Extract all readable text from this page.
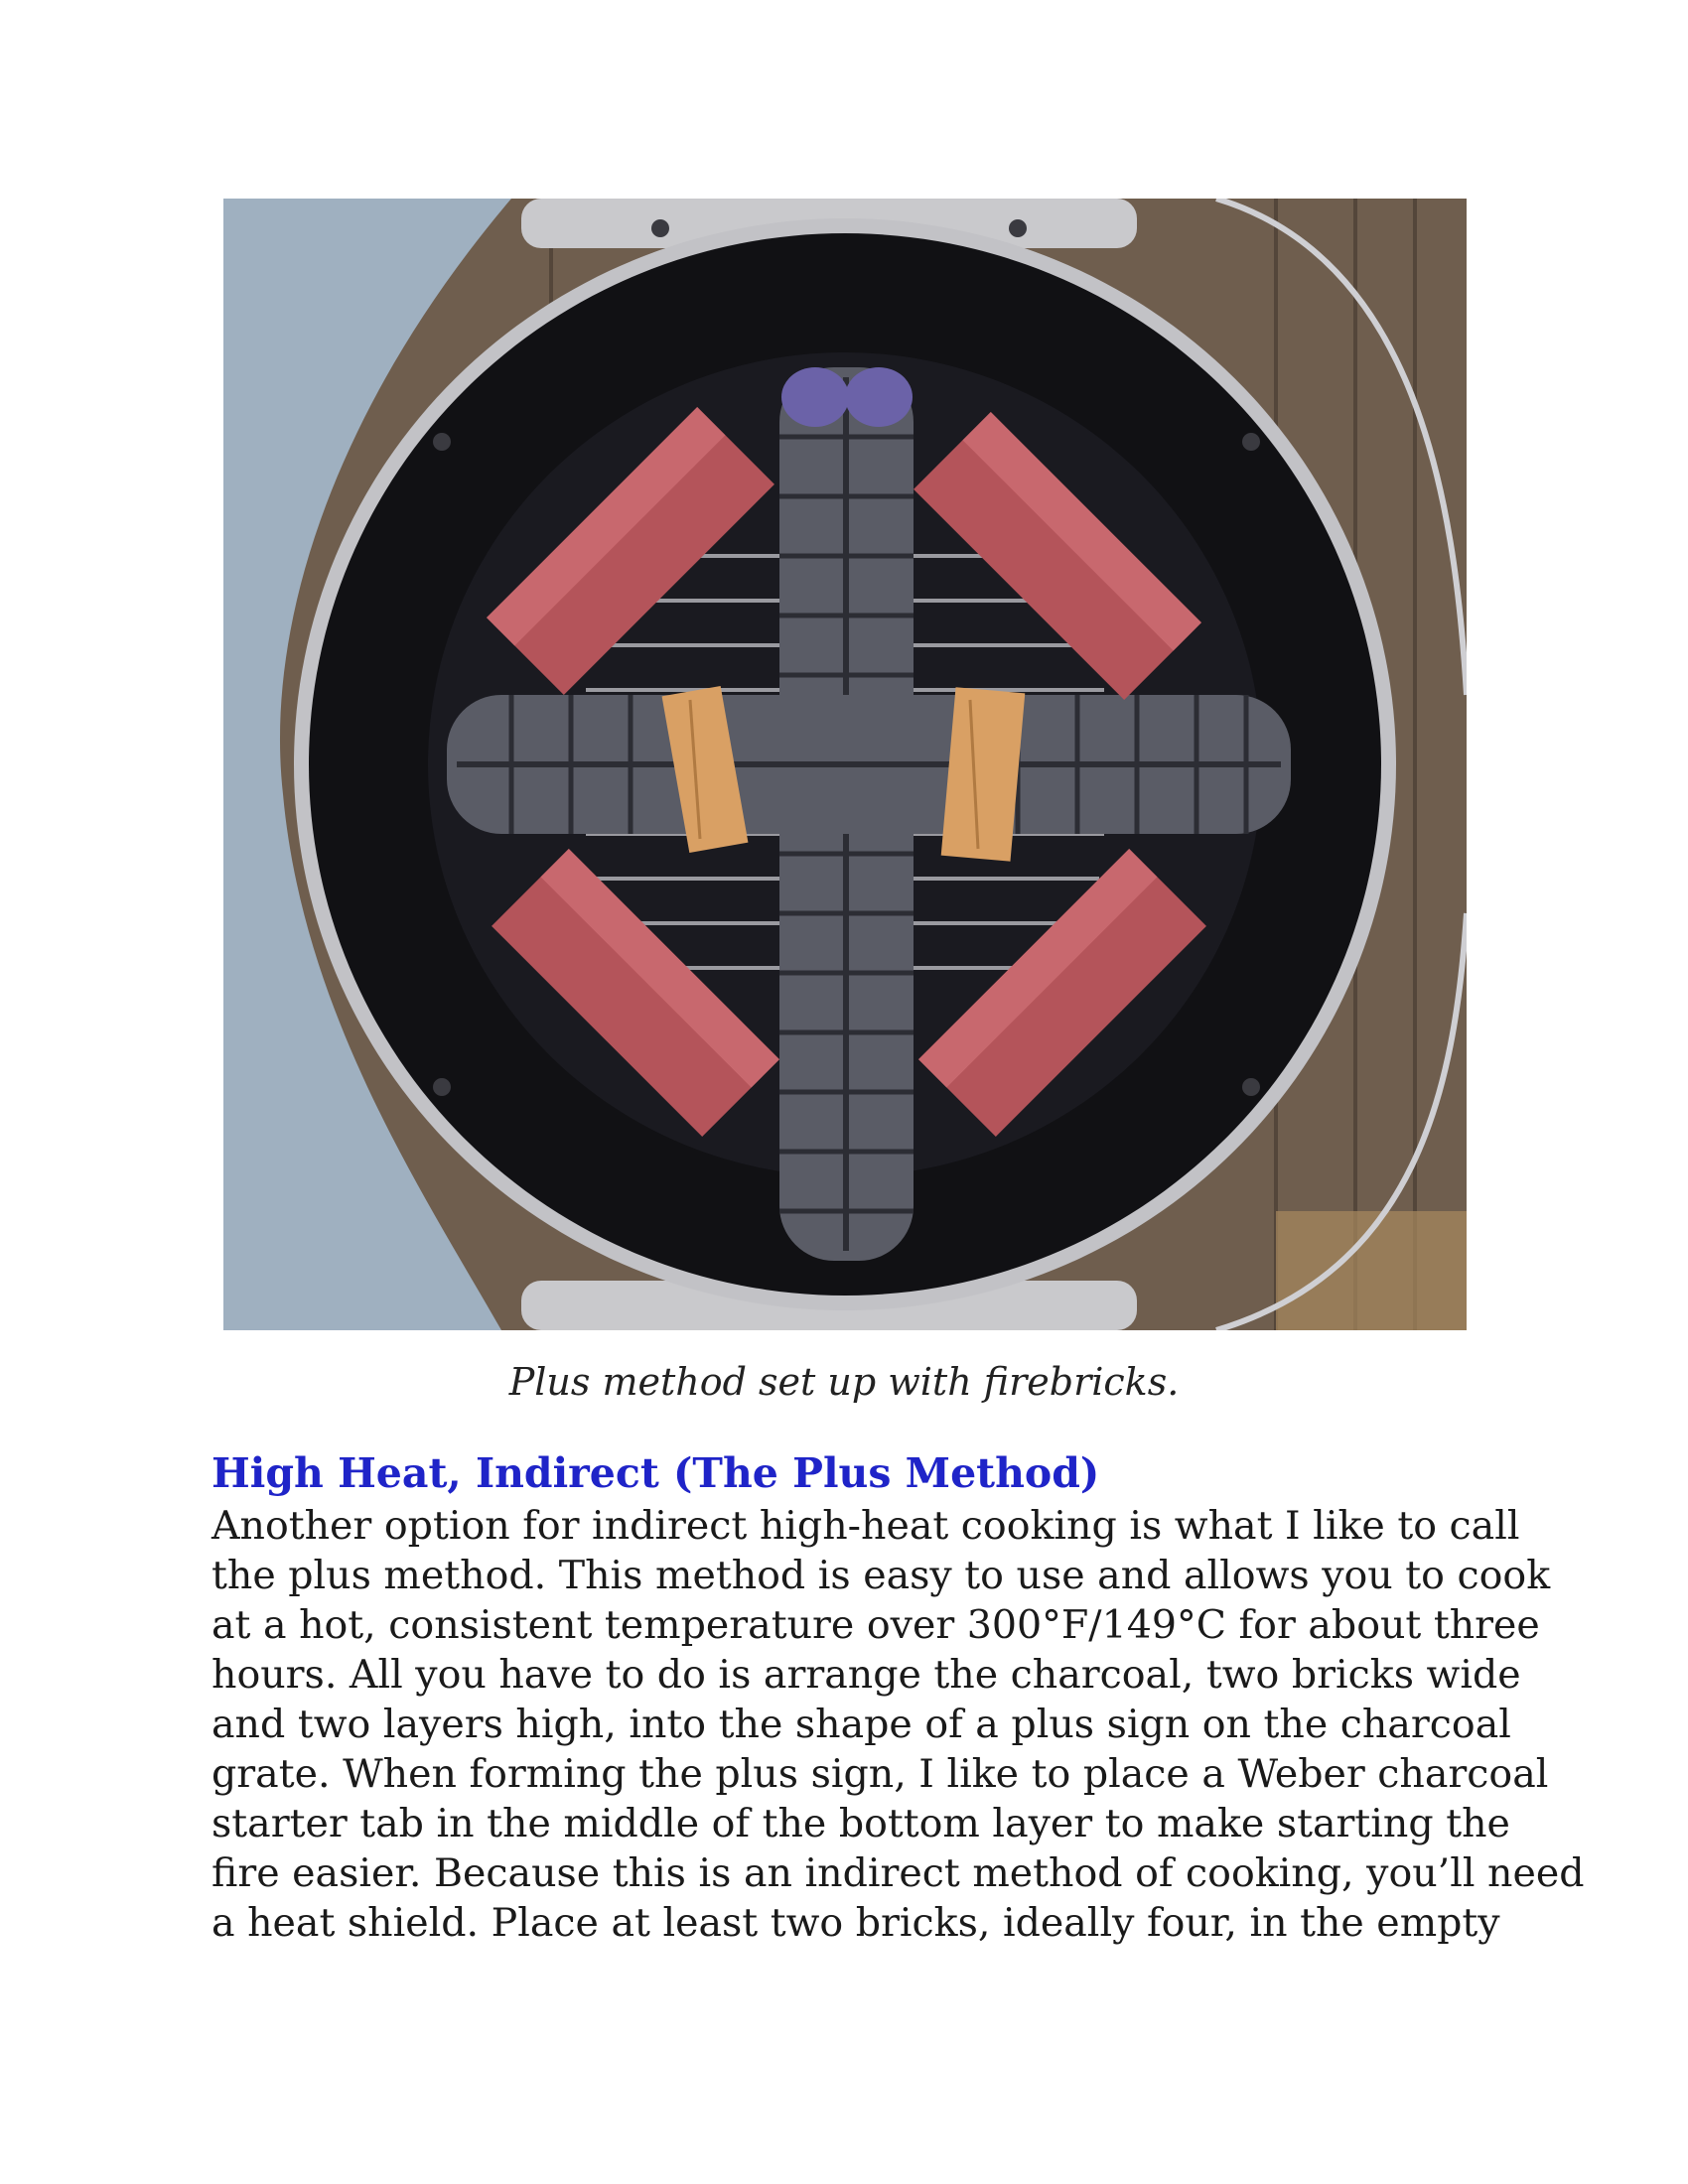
Plus method set up with firebricks.
High Heat, Indirect (The Plus Method)
Another option for indirect high-heat cooking is what I like to call
the plus method. This method is easy to use and allows you to cook
at a hot, consistent temperature over 300°F/149°C for about three
hours. All you have to do is arrange the charcoal, two bricks wide
and two layers high, into the shape of a plus sign on the charcoal
grate. When forming the plus sign, I like to place a Weber charcoal
starter tab in the middle of the bottom layer to make starting the
fire easier. Because this is an indirect method of cooking, you’ll need
a heat shield. Place at least two bricks, ideally four, in the empty
